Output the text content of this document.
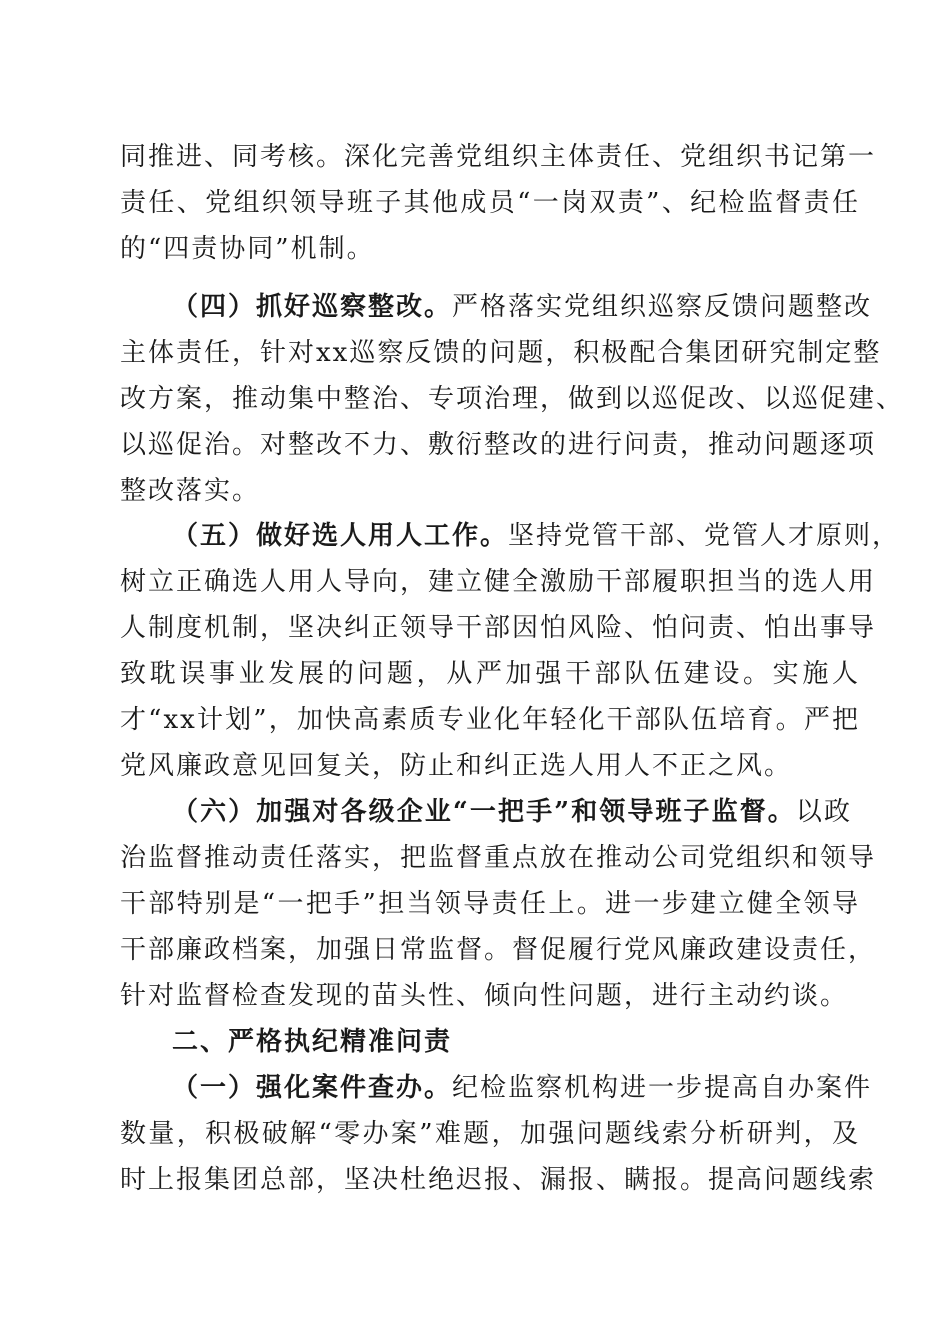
同推进、同考核。深化完善党组织主体责任、党组织书记第一
责任、党组织领导班子其他成员“一岗双责”、纪检监督责任
的“四责协同”机制。
（四）抓好巡察整改。严格落实党组织巡察反馈问题整改
主体责任，针对xx巡察反馈的问题，积极配合集团研究制定整
改方案，推动集中整治、专项治理，做到以巡促改、以巡促建、
以巡促治。对整改不力、敷衍整改的进行问责，推动问题逐项
整改落实。
（五）做好选人用人工作。坚持党管干部、党管人才原则，
树立正确选人用人导向，建立健全激励干部履职担当的选人用
人制度机制，坚决纠正领导干部因怕风险、怕问责、怕出事导
致耽误事业发展的问题，从严加强干部队伍建设。实施人
才“xx计划”，加快高素质专业化年轻化干部队伍培育。严把
党风廉政意见回复关，防止和纠正选人用人不正之风。
（六）加强对各级企业“一把手”和领导班子监督。以政
治监督推动责任落实，把监督重点放在推动公司党组织和领导
干部特别是“一把手”担当领导责任上。进一步建立健全领导
干部廉政档案，加强日常监督。督促履行党风廉政建设责任，
针对监督检查发现的苗头性、倾向性问题，进行主动约谈。
二、严格执纪精准问责
（一）强化案件查办。纪检监察机构进一步提高自办案件
数量，积极破解“零办案”难题，加强问题线索分析研判，及
时上报集团总部，坚决杜绝迟报、漏报、瞒报。提高问题线索
